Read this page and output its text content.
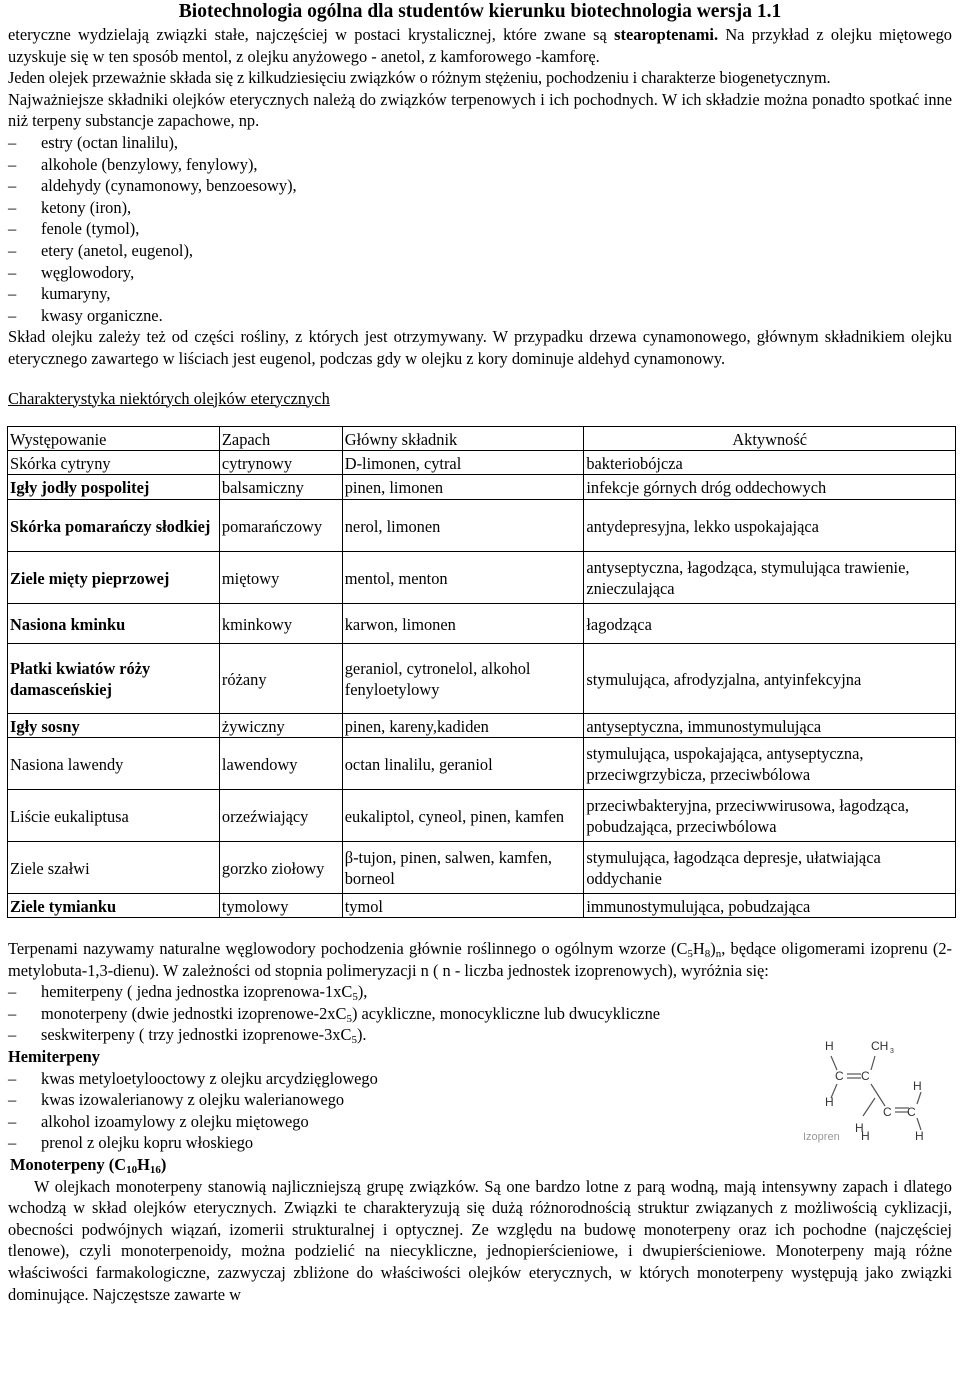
Biotechnologia ogólna dla studentów kierunku biotechnologia wersja 1.1

eteryczne wydzielają związki stałe, najczęściej w postaci krystalicznej, które zwane są stearoptenami. Na przykład z olejku miętowego uzyskuje się w ten sposób mentol, z olejku anyżowego - anetol, z kamforowego -kamforę.

Jeden olejek przeważnie składa się z kilkudziesięciu związków o różnym stężeniu, pochodzeniu i charakterze biogenetycznym.

Najważniejsze składniki olejków eterycznych należą do związków terpenowych i ich pochodnych. W ich składzie można ponadto spotkać inne niż terpeny substancje zapachowe, np.

– estry (octan linalilu),
– alkohole (benzylowy, fenylowy),
– aldehydy (cynamonowy, benzoesowy),
– ketony (iron),
– fenole (tymol),
– etery (anetol, eugenol),
– węglowodory,
– kumaryny,
– kwasy organiczne.

Skład olejku zależy też od części rośliny, z których jest otrzymywany. W przypadku drzewa cynamonowego, głównym składnikiem olejku eterycznego zawartego w liściach jest eugenol, podczas gdy w olejku z kory dominuje aldehyd cynamonowy.

Charakterystyka niektórych olejków eterycznych

Występowanie	Zapach	Główny składnik	Aktywność
Skórka cytryny	cytrynowy	D-limonen, cytral	bakteriobójcza
Igły jodły pospolitej	balsamiczny	pinen, limonen	infekcje górnych dróg oddechowych
Skórka pomarańczy słodkiej	pomarańczowy	nerol, limonen	antydepresyjna, lekko uspokajająca
Ziele mięty pieprzowej	miętowy	mentol, menton	antyseptyczna, łagodząca, stymulująca trawienie, znieczulająca
Nasiona kminku	kminkowy	karwon, limonen	łagodząca
Płatki kwiatów róży damasceńskiej	różany	geraniol, cytronelol, alkohol fenyloetylowy	stymulująca, afrodyzjalna, antyinfekcyjna
Igły sosny	żywiczny	pinen, kareny,kadiden	antyseptyczna, immunostymulująca
Nasiona lawendy	lawendowy	octan linalilu, geraniol	stymulująca, uspokajająca, antyseptyczna, przeciwgrzybicza, przeciwbólowa
Liście eukaliptusa	orzeźwiający	eukaliptol, cyneol, pinen, kamfen	przeciwbakteryjna, przeciwwirusowa, łagodząca, pobudzająca, przeciwbólowa
Ziele szałwi	gorzko ziołowy	β-tujon, pinen, salwen, kamfen, borneol	stymulująca, łagodząca depresje, ułatwiająca oddychanie
Ziele tymianku	tymolowy	tymol	immunostymulująca, pobudzająca

Terpenami nazywamy naturalne węglowodory pochodzenia głównie roślinnego o ogólnym wzorze $(C_5H_8)_n$, będące oligomerami izoprenu (2-metylobuta-1,3-dienu). W zależności od stopnia polimeryzacji n ( n - liczba jednostek izoprenowych), wyróżnia się:

– hemiterpeny ( jedna jednostka izoprenowa-$1xC_5$),
– monoterpeny (dwie jednostki izoprenowe-$2xC_5$) acykliczne, monocykliczne lub dwucykliczne
– seskwiterpeny ( trzy jednostki izoprenowe-$3xC_5$).

Hemiterpeny

– kwas metyloetylooctowy z olejku arcydzięglowego
– kwas izowalerianowy z olejku walerianowego
– alkohol izoamylowy z olejku miętowego
– prenol z olejku kopru włoskiego

Monoterpeny $(C_{10}H_{16})$

W olejkach monoterpeny stanowią najliczniejszą grupę związków. Są one bardzo lotne z parą wodną, mają intensywny zapach i dlatego wchodzą w skład olejków eterycznych. Związki te charakteryzują się dużą różnorodnością struktur związanych z możliwością cyklizacji, obecności podwójnych wiązań, izomerii strukturalnej i optycznej. Ze względu na budowę monoterpeny oraz ich pochodne (najczęściej tlenowe), czyli monoterpenoidy, można podzielić na niecykliczne, jednopierścieniowe, i dwupierścieniowe. Monoterpeny mają różne właściwości farmakologiczne, zazwyczaj zbliżone do właściwości olejków eterycznych, w których monoterpeny występują jako związki dominujące. Najczęstsze zawarte w

H	CH 3
H
C C
H
C C
H
H
H
Izopren
